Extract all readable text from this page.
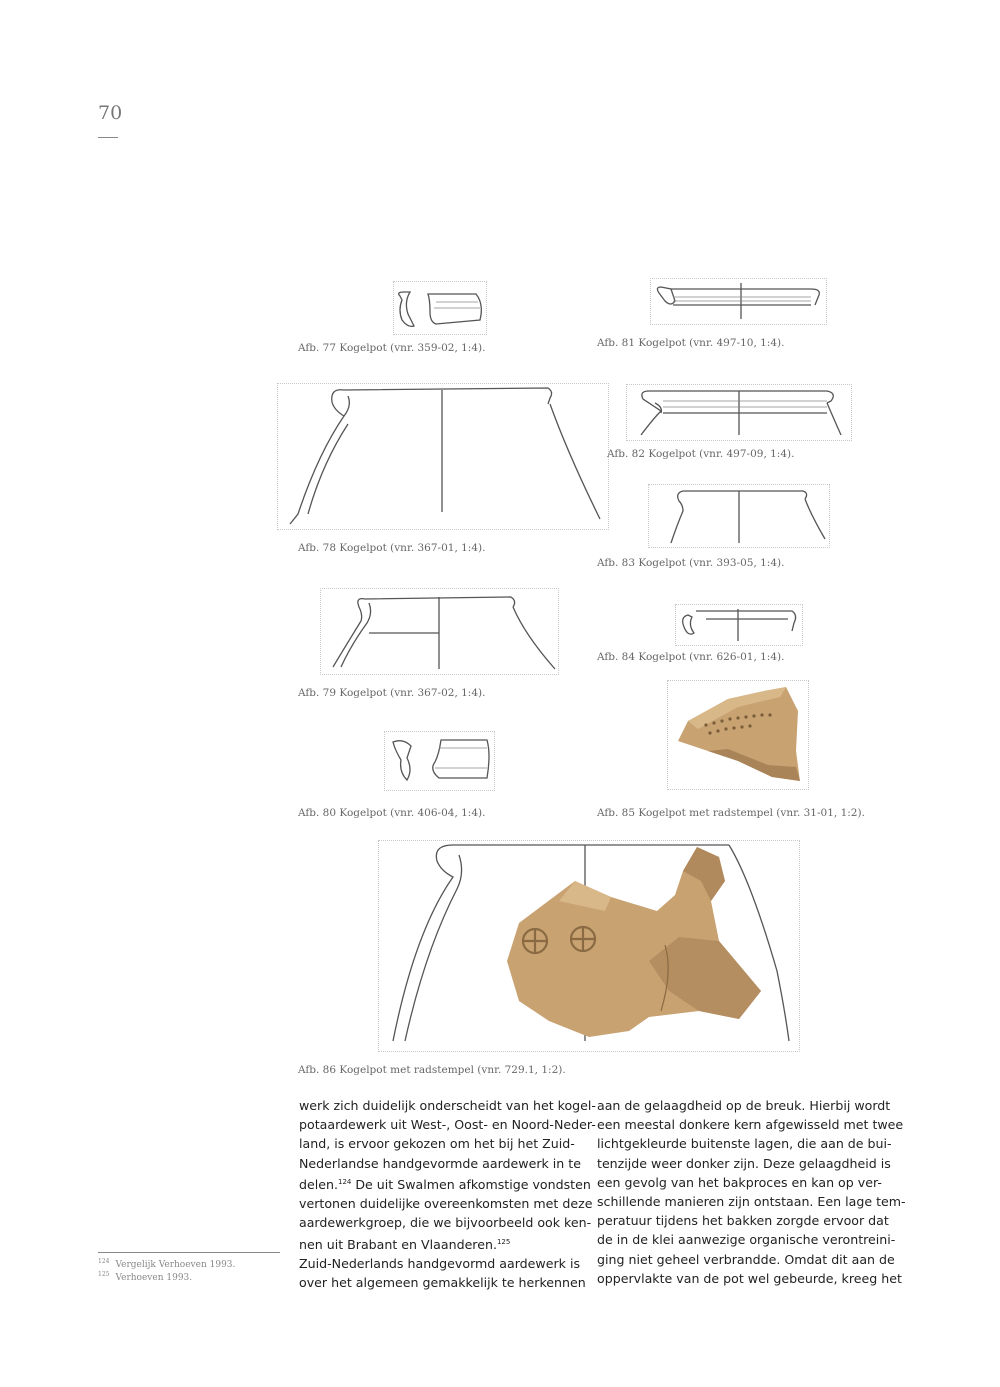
70
Afb. 77 Kogelpot (vnr. 359-02, 1:4).	Afb. 81 Kogelpot (vnr. 497-10, 1:4).
Afb. 78 Kogelpot (vnr. 367-01, 1:4).
Afb. 82 Kogelpot (vnr. 497-09, 1:4).
Afb. 83 Kogelpot (vnr. 393-05, 1:4).
Afb. 79 Kogelpot (vnr. 367-02, 1:4).
Afb. 84 Kogelpot (vnr. 626-01, 1:4).
Afb. 80 Kogelpot (vnr. 406-04, 1:4).	Afb. 85 Kogelpot met radstempel (vnr. 31-01, 1:2).
Afb. 86 Kogelpot met radstempel (vnr. 729.1, 1:2).

werk zich duidelijk onderscheidt van het kogel-

potaardewerk uit West-, Oost- en Noord-Neder-

land, is ervoor gekozen om het bij het Zuid-

Nederlandse handgevormde aardewerk in te

delen.$^{124}$ De uit Swalmen afkomstige vondsten

vertonen duidelijke overeenkomsten met deze

aardewerkgroep, die we bijvoorbeeld ook ken-

nen uit Brabant en Vlaanderen.$^{125}$

Zuid-Nederlands handgevormd aardewerk is

over het algemeen gemakkelijk te herkennen

aan de gelaagdheid op de breuk. Hierbij wordt

een meestal donkere kern afgewisseld met twee

lichtgekleurde buitenste lagen, die aan de bui-

tenzijde weer donker zijn. Deze gelaagdheid is

een gevolg van het bakproces en kan op ver-

schillende manieren zijn ontstaan. Een lage tem-

peratuur tijdens het bakken zorgde ervoor dat

de in de klei aanwezige organische verontreini-

ging niet geheel verbrandde. Omdat dit aan de

oppervlakte van de pot wel gebeurde, kreeg het

$^{124}$ Vergelijk Verhoeven 1993.
$^{125}$ Verhoeven 1993.
